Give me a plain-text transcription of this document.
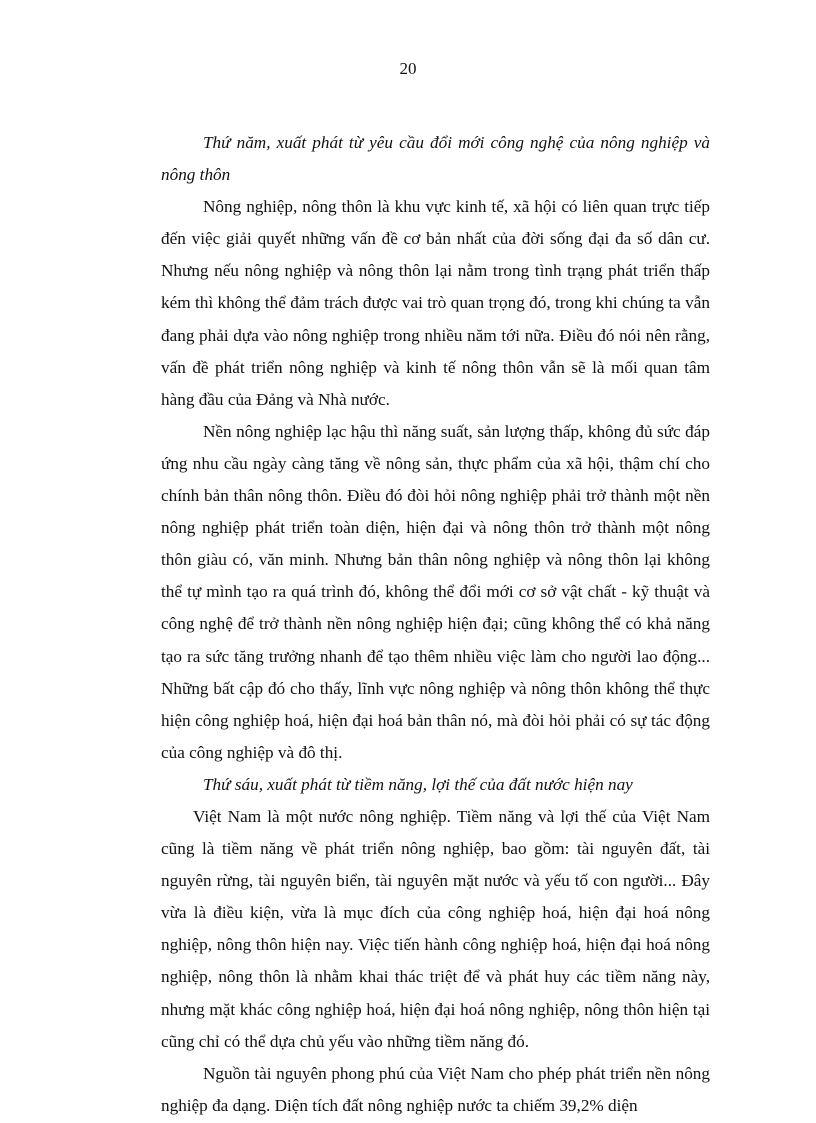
20

Thứ năm, xuất phát từ yêu cầu đổi mới công nghệ của nông nghiệp và nông thôn

Nông nghiệp, nông thôn là khu vực kinh tế, xã hội có liên quan trực tiếp đến việc giải quyết những vấn đề cơ bản nhất của đời sống đại đa số dân cư. Nhưng nếu nông nghiệp và nông thôn lại nằm trong tình trạng phát triển thấp kém thì không thể đảm trách được vai trò quan trọng đó, trong khi chúng ta vẫn đang phải dựa vào nông nghiệp trong nhiều năm tới nữa. Điều đó nói nên rằng, vấn đề phát triển nông nghiệp và kinh tế nông thôn vẫn sẽ là mối quan tâm hàng đầu của Đảng và Nhà nước.

Nền nông nghiệp lạc hậu thì năng suất, sản lượng thấp, không đủ sức đáp ứng nhu cầu ngày càng tăng về nông sản, thực phẩm của xã hội, thậm chí cho chính bản thân nông thôn. Điều đó đòi hỏi nông nghiệp phải trở thành một nền nông nghiệp phát triển toàn diện, hiện đại và nông thôn trở thành một nông thôn giàu có, văn minh. Nhưng bản thân nông nghiệp và nông thôn lại không thể tự mình tạo ra quá trình đó, không thể đổi mới cơ sở vật chất - kỹ thuật và công nghệ để trở thành nền nông nghiệp hiện đại; cũng không thể có khả năng tạo ra sức tăng trưởng nhanh để tạo thêm nhiều việc làm cho người lao động... Những bất cập đó cho thấy, lĩnh vực nông nghiệp và nông thôn không thể thực hiện công nghiệp hoá, hiện đại hoá bản thân nó, mà đòi hỏi phải có sự tác động của công nghiệp và đô thị.

Thứ sáu, xuất phát từ tiềm năng, lợi thế của đất nước hiện nay

Việt Nam là một nước nông nghiệp. Tiềm năng và lợi thế của Việt Nam cũng là tiềm năng về phát triển nông nghiệp, bao gồm: tài nguyên đất, tài nguyên rừng, tài nguyên biển, tài nguyên mặt nước và yếu tố con người... Đây vừa là điều kiện, vừa là mục đích của công nghiệp hoá, hiện đại hoá nông nghiệp, nông thôn hiện nay. Việc tiến hành công nghiệp hoá, hiện đại hoá nông nghiệp, nông thôn là nhằm khai thác triệt để và phát huy các tiềm năng này, nhưng mặt khác công nghiệp hoá, hiện đại hoá nông nghiệp, nông thôn hiện tại cũng chỉ có thể dựa chủ yếu vào những tiềm năng đó.

Nguồn tài nguyên phong phú của Việt Nam cho phép phát triển nền nông nghiệp đa dạng. Diện tích đất nông nghiệp nước ta chiếm 39,2% diện
